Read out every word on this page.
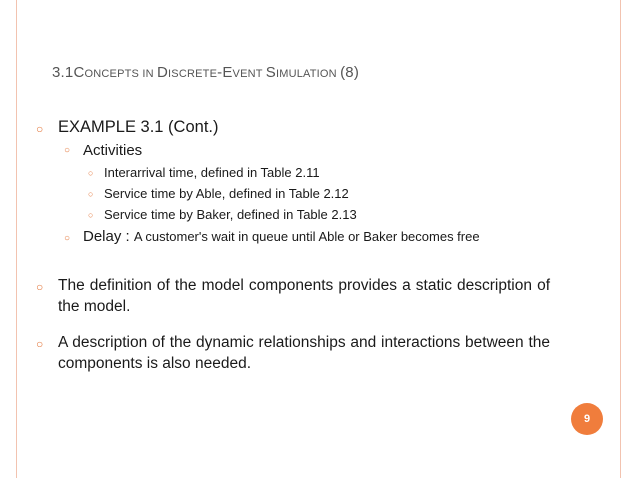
3.1CONCEPTS IN DISCRETE-EVENT SIMULATION (8)
○ EXAMPLE 3.1 (Cont.)
○ Activities
○ Interarrival time, defined in Table 2.11
○ Service time by Able, defined in Table 2.12
○ Service time by Baker, defined in Table 2.13
○ Delay : A customer's wait in queue until Able or Baker becomes free
○ The definition of the model components provides a static description of the model.
○ A description of the dynamic relationships and interactions between the components is also needed.
9
